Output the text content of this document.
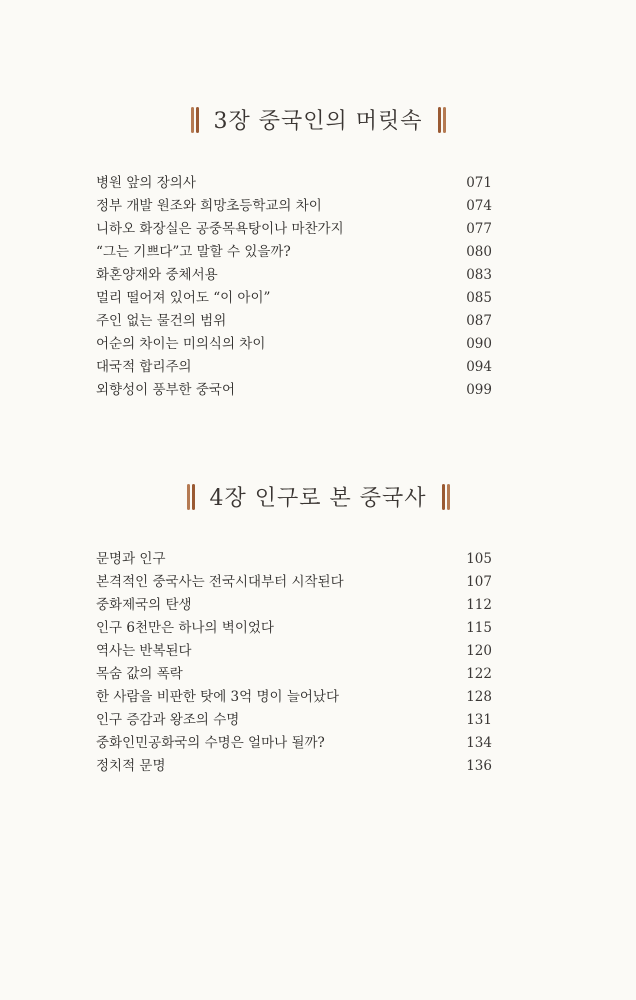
3장 중국인의 머릿속
병원 앞의 장의사	071
정부 개발 원조와 희망초등학교의 차이	074
니하오 화장실은 공중목욕탕이나 마찬가지	077
“그는 기쁘다”고 말할 수 있을까?	080
화혼양재와 중체서용	083
멀리 떨어져 있어도 “이 아이”	085
주인 없는 물건의 범위	087
어순의 차이는 미의식의 차이	090
대국적 합리주의	094
외향성이 풍부한 중국어	099
4장 인구로 본 중국사
문명과 인구	105
본격적인 중국사는 전국시대부터 시작된다	107
중화제국의 탄생	112
인구 6천만은 하나의 벽이었다	115
역사는 반복된다	120
목숨 값의 폭락	122
한 사람을 비판한 탓에 3억 명이 늘어났다	128
인구 증감과 왕조의 수명	131
중화인민공화국의 수명은 얼마나 될까?	134
정치적 문명	136
